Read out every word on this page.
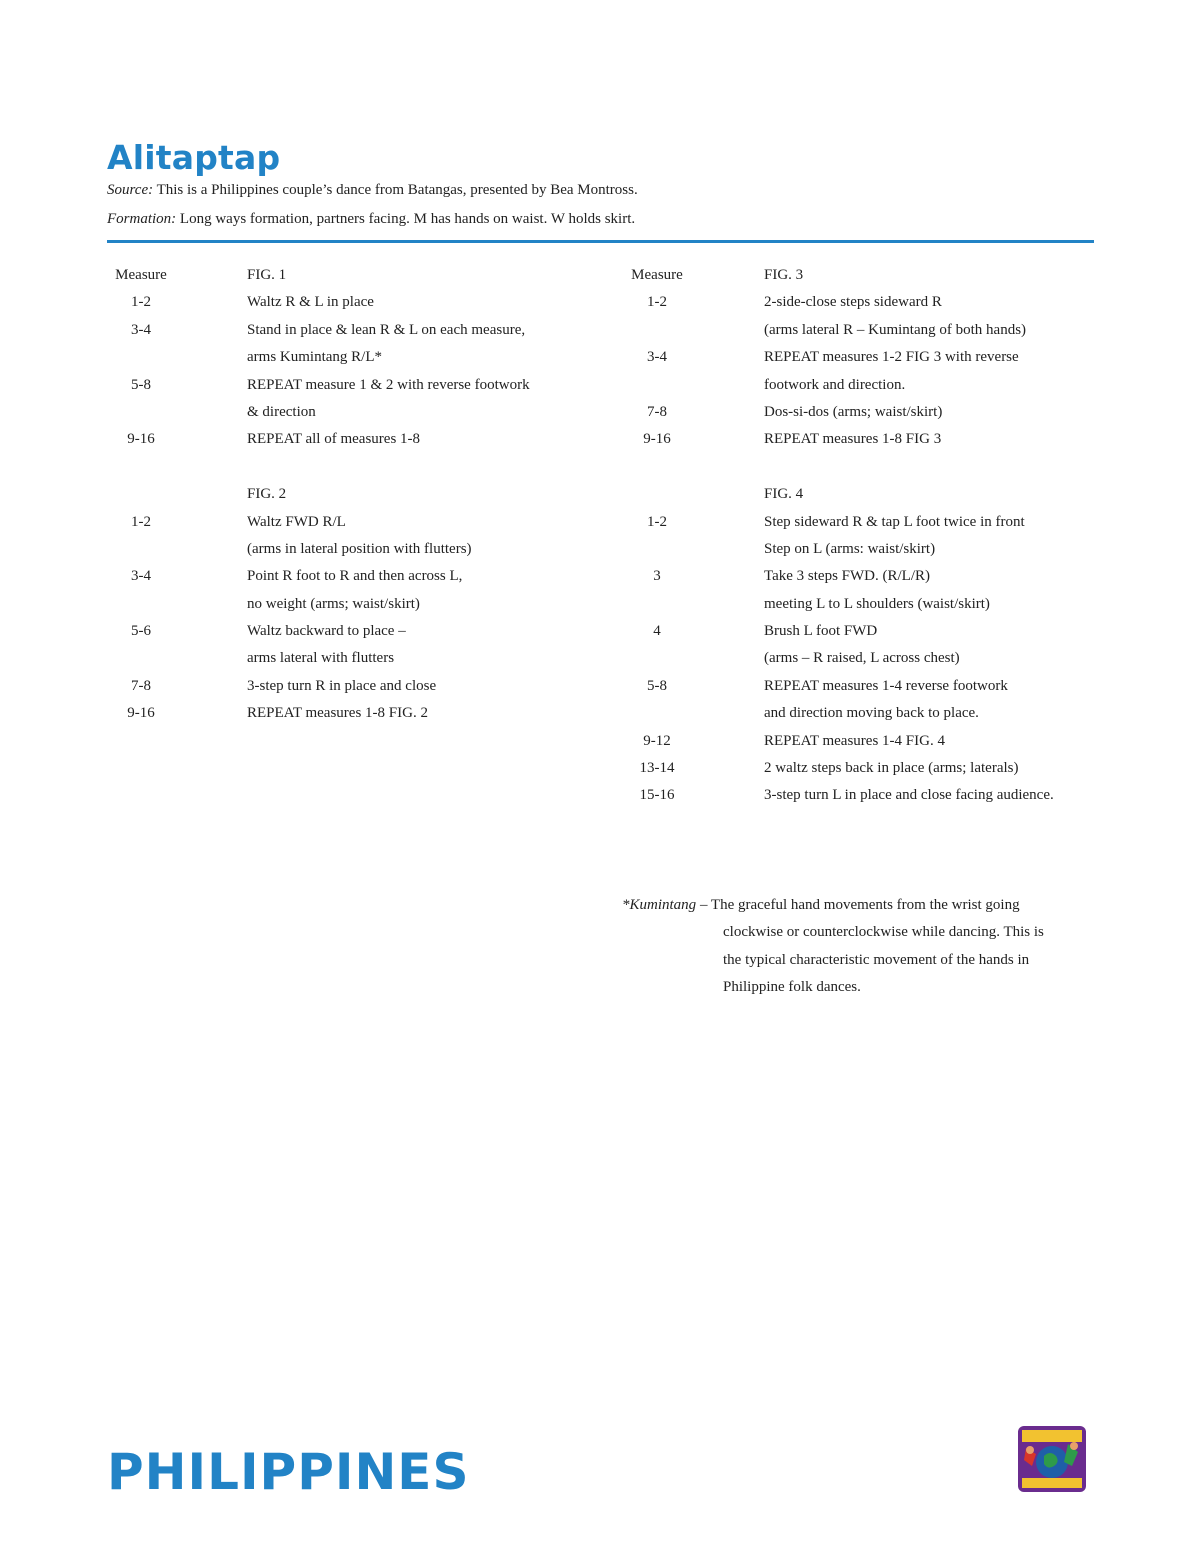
Alitaptap
Source: This is a Philippines couple’s dance from Batangas, presented by Bea Montross.
Formation: Long ways formation, partners facing. M has hands on waist. W holds skirt.
Measure	FIG. 1
1-2	Waltz R & L in place
3-4	Stand in place & lean R & L on each measure,
arms Kumintang R/L*
5-8	REPEAT measure 1 & 2 with reverse footwork
& direction
9-16	REPEAT all of measures 1-8
FIG. 2
1-2	Waltz FWD R/L
(arms in lateral position with flutters)
3-4	Point R foot to R and then across L,
no weight (arms; waist/skirt)
5-6	Waltz backward to place –
arms lateral with flutters
7-8	3-step turn R in place and close
9-16	REPEAT measures 1-8 FIG. 2
Measure	FIG. 3
1-2	2-side-close steps sideward R
(arms lateral R – Kumintang of both hands)
3-4	REPEAT measures 1-2 FIG 3 with reverse
footwork and direction.
7-8	Dos-si-dos (arms; waist/skirt)
9-16	REPEAT measures 1-8 FIG 3
FIG. 4
1-2	Step sideward R & tap L foot twice in front
Step on L (arms: waist/skirt)
3	Take 3 steps FWD. (R/L/R)
meeting L to L shoulders (waist/skirt)
4	Brush L foot FWD
(arms – R raised, L across chest)
5-8	REPEAT measures 1-4 reverse footwork
and direction moving back to place.
9-12	REPEAT measures 1-4 FIG. 4
13-14	2 waltz steps back in place (arms; laterals)
15-16	3-step turn L in place and close facing audience.
*Kumintang – The graceful hand movements from the wrist going
clockwise or counterclockwise while dancing. This is
the typical characteristic movement of the hands in
Philippine folk dances.
PHILIPPINES
